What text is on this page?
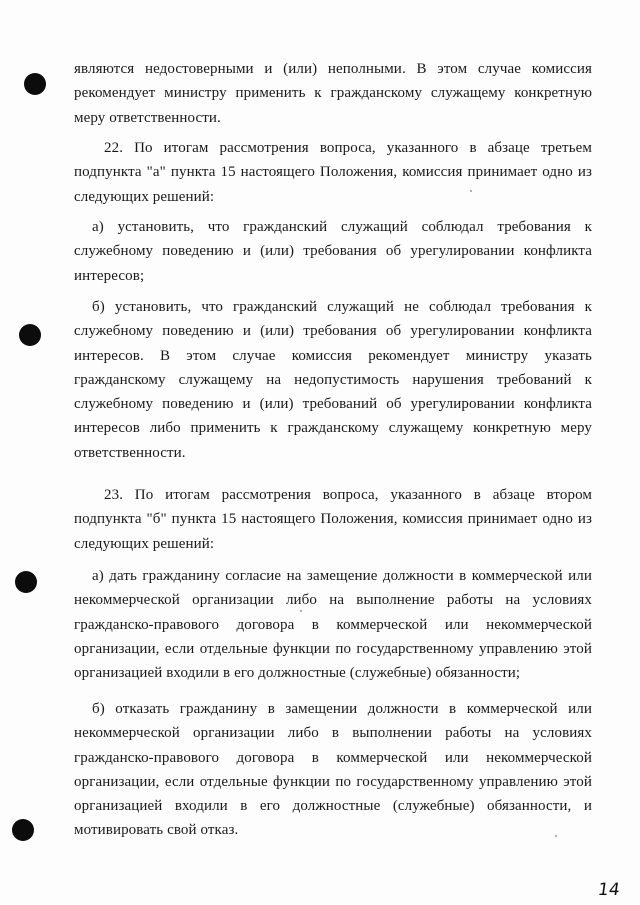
являются недостоверными и (или) неполными. В этом случае комиссия рекомендует министру применить к гражданскому служащему конкретную меру ответственности.

22. По итогам рассмотрения вопроса, указанного в абзаце третьем подпункта "а" пункта 15 настоящего Положения, комиссия принимает одно из следующих решений:

а) установить, что гражданский служащий соблюдал требования к служебному поведению и (или) требования об урегулировании конфликта интересов;

б) установить, что гражданский служащий не соблюдал требования к служебному поведению и (или) требования об урегулировании конфликта интересов. В этом случае комиссия рекомендует министру указать гражданскому служащему на недопустимость нарушения требований к служебному поведению и (или) требований об урегулировании конфликта интересов либо применить к гражданскому служащему конкретную меру ответственности.

23. По итогам рассмотрения вопроса, указанного в абзаце втором подпункта "б" пункта 15 настоящего Положения, комиссия принимает одно из следующих решений:

а) дать гражданину согласие на замещение должности в коммерческой или некоммерческой организации либо на выполнение работы на условиях гражданско-правового договора в коммерческой или некоммерческой организации, если отдельные функции по государственному управлению этой организацией входили в его должностные (служебные) обязанности;

б) отказать гражданину в замещении должности в коммерческой или некоммерческой организации либо в выполнении работы на условиях гражданско-правового договора в коммерческой или некоммерческой организации, если отдельные функции по государственному управлению этой организацией входили в его должностные (служебные) обязанности, и мотивировать свой отказ.

14
